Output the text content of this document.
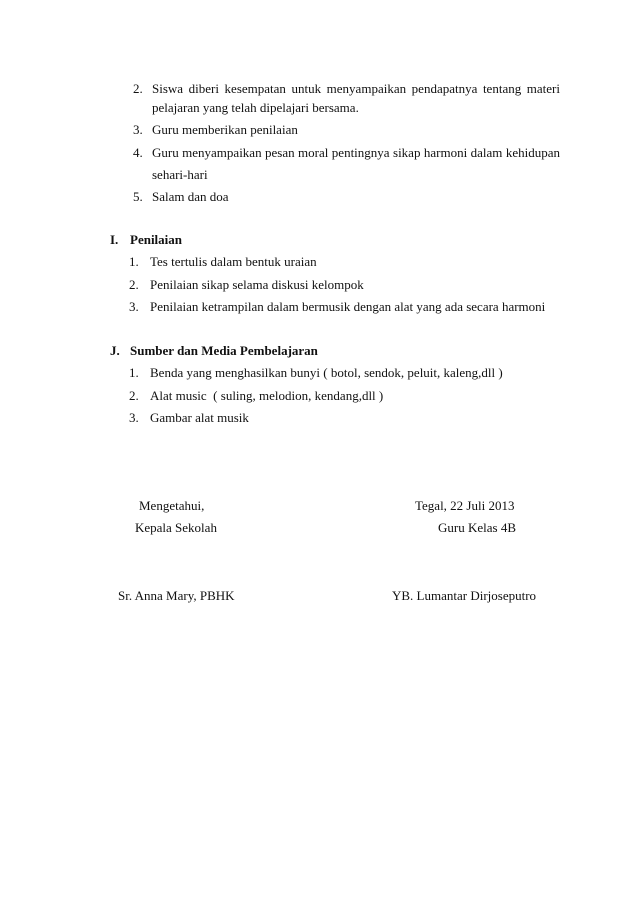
2. Siswa diberi kesempatan untuk menyampaikan pendapatnya tentang materi
pelajaran yang telah dipelajari bersama.
3. Guru memberikan penilaian
4. Guru menyampaikan pesan moral pentingnya sikap harmoni dalam kehidupan
sehari-hari
5. Salam dan doa
I. Penilaian
1. Tes tertulis dalam bentuk uraian
2. Penilaian sikap selama diskusi kelompok
3. Penilaian ketrampilan dalam bermusik dengan alat yang ada secara harmoni
J. Sumber dan Media Pembelajaran
1. Benda yang menghasilkan bunyi ( botol, sendok, peluit, kaleng,dll )
2. Alat music  ( suling, melodion, kendang,dll )
3. Gambar alat musik
Mengetahui,
Kepala Sekolah
Sr. Anna Mary, PBHK
Tegal, 22 Juli 2013
Guru Kelas 4B
YB. Lumantar Dirjoseputro
